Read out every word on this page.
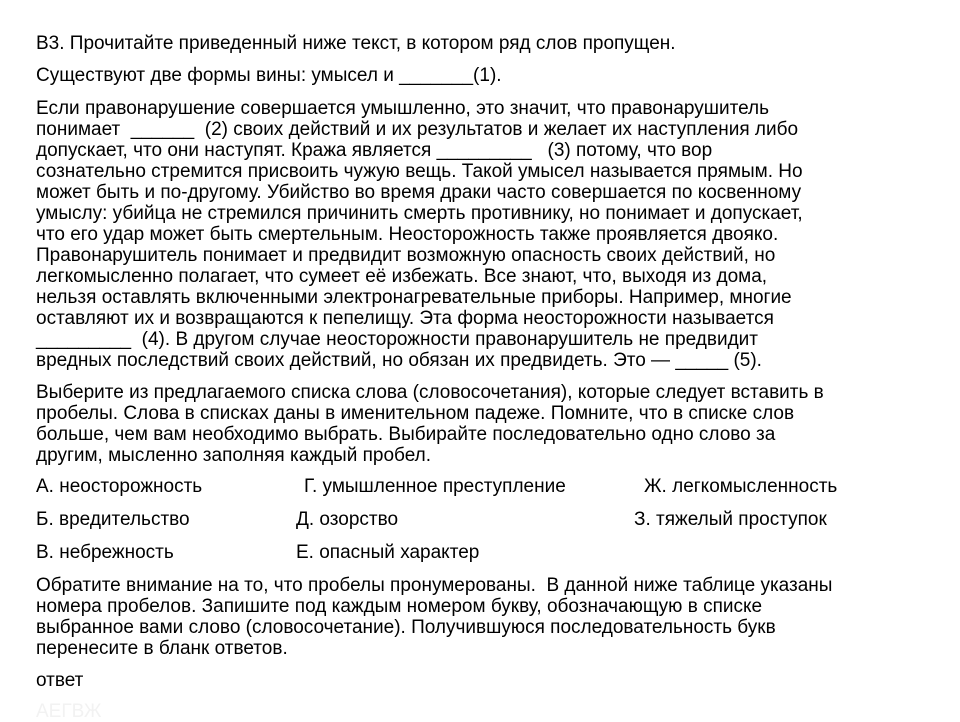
В3. Прочитайте приведенный ниже текст, в котором ряд слов пропущен.
Существуют две формы вины: умысел и _______(1).
Если правонарушение совершается умышленно, это значит, что правонарушитель
понимает  ______  (2) своих действий и их результатов и желает их наступления либо
допускает, что они наступят. Кража является _________   (3) потому, что вор
сознательно стремится присвоить чужую вещь. Такой умысел называется прямым. Но
может быть и по-другому. Убийство во время драки часто совершается по косвенному
умыслу: убийца не стремился причинить смерть противнику, но понимает и допускает,
что его удар может быть смертельным. Неосторожность также проявляется двояко.
Правонарушитель понимает и предвидит возможную опасность своих действий, но
легкомысленно полагает, что сумеет её избежать. Все знают, что, выходя из дома,
нельзя оставлять включенными электронагревательные приборы. Например, многие
оставляют их и возвращаются к пепелищу. Эта форма неосторожности называется
_________  (4). В другом случае неосторожности правонарушитель не предвидит
вредных последствий своих действий, но обязан их предвидеть. Это — _____ (5).
Выберите из предлагаемого списка слова (словосочетания), которые следует вставить в
пробелы. Слова в списках даны в именительном падеже. Помните, что в списке слов
больше, чем вам необходимо выбрать. Выбирайте последовательно одно слово за
другим, мысленно заполняя каждый пробел.
А. неосторожность	Г. умышленное преступление	Ж. легкомысленность
Б. вредительство	Д. озорство	З. тяжелый проступок
В. небрежность	Е. опасный характер
Обратите внимание на то, что пробелы пронумерованы.  В данной ниже таблице указаны
номера пробелов. Запишите под каждым номером букву, обозначающую в списке
выбранное вами слово (словосочетание). Получившуюся последовательность букв
перенесите в бланк ответов.
ответ
АЕГВЖ
